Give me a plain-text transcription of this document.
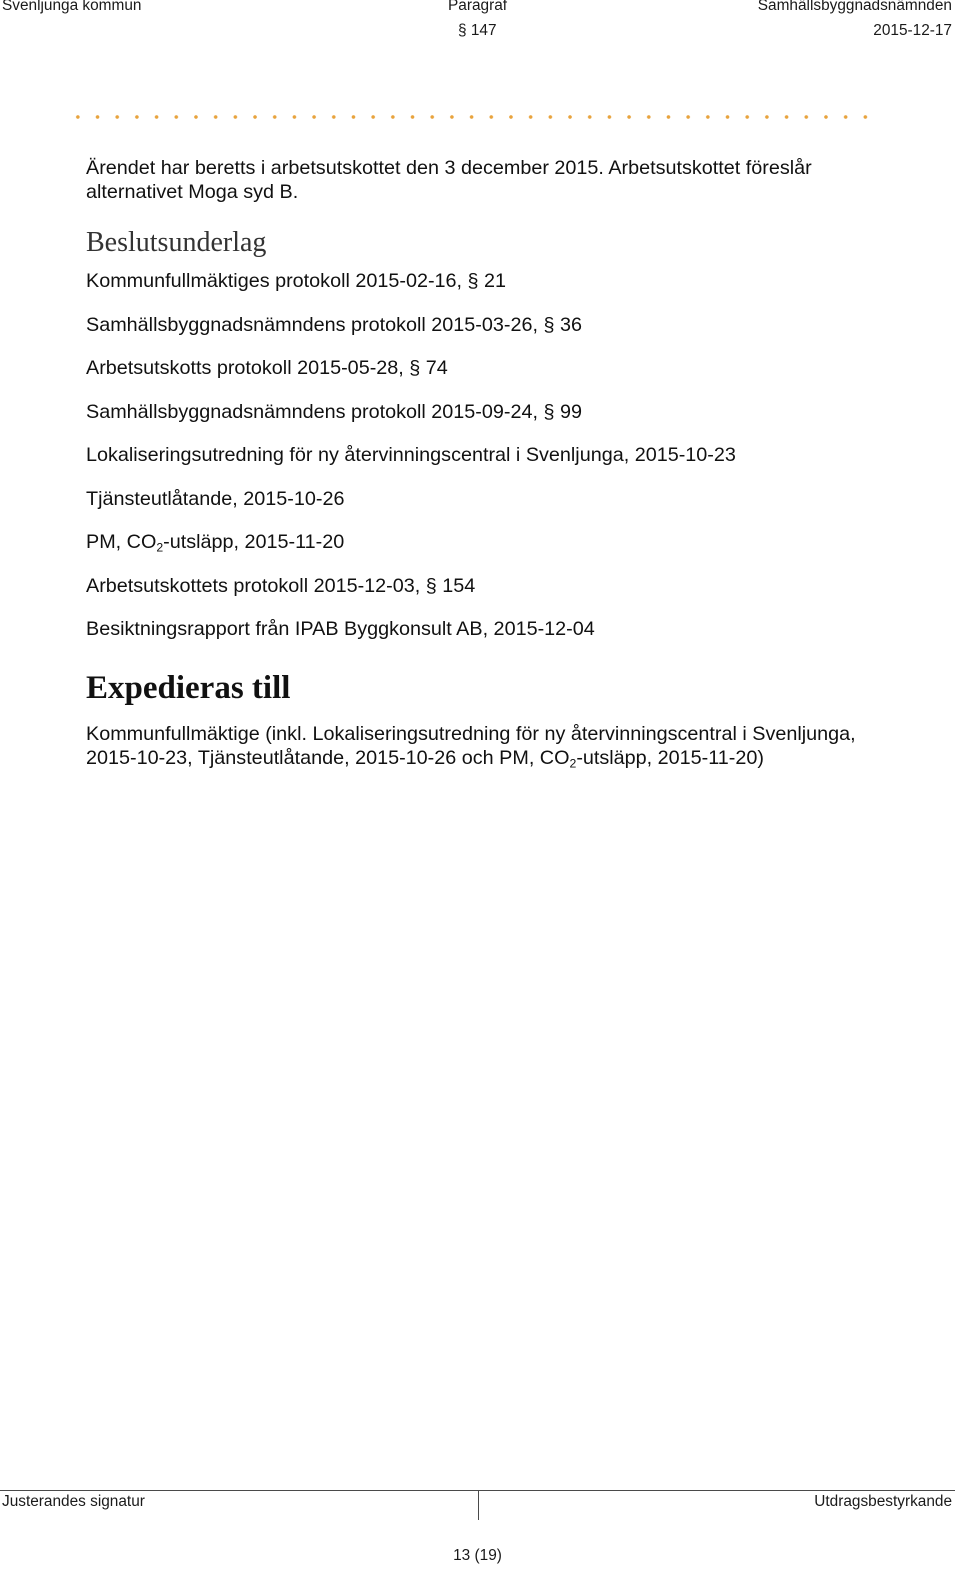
Svenljunga kommun	Paragraf	Samhällsbyggnadsnämnden
§ 147	2015-12-17

Ärendet har beretts i arbetsutskottet den 3 december 2015. Arbetsutskottet föreslår alternativet Moga syd B.

Beslutsunderlag
Kommunfullmäktiges protokoll 2015-02-16, § 21
Samhällsbyggnadsnämndens protokoll 2015-03-26, § 36
Arbetsutskotts protokoll 2015-05-28, § 74
Samhällsbyggnadsnämndens protokoll 2015-09-24, § 99
Lokaliseringsutredning för ny återvinningscentral i Svenljunga, 2015-10-23
Tjänsteutlåtande, 2015-10-26
PM, $CO_2$-utsläpp, 2015-11-20
Arbetsutskottets protokoll 2015-12-03, § 154
Besiktningsrapport från IPAB Byggkonsult AB, 2015-12-04
Expedieras till

Kommunfullmäktige (inkl. Lokaliseringsutredning för ny återvinningscentral i Svenljunga, 2015-10-23, Tjänsteutlåtande, 2015-10-26 och PM, $CO_2$-utsläpp, 2015-11-20)

Justerandes signatur	Utdragsbestyrkande
13 (19)
